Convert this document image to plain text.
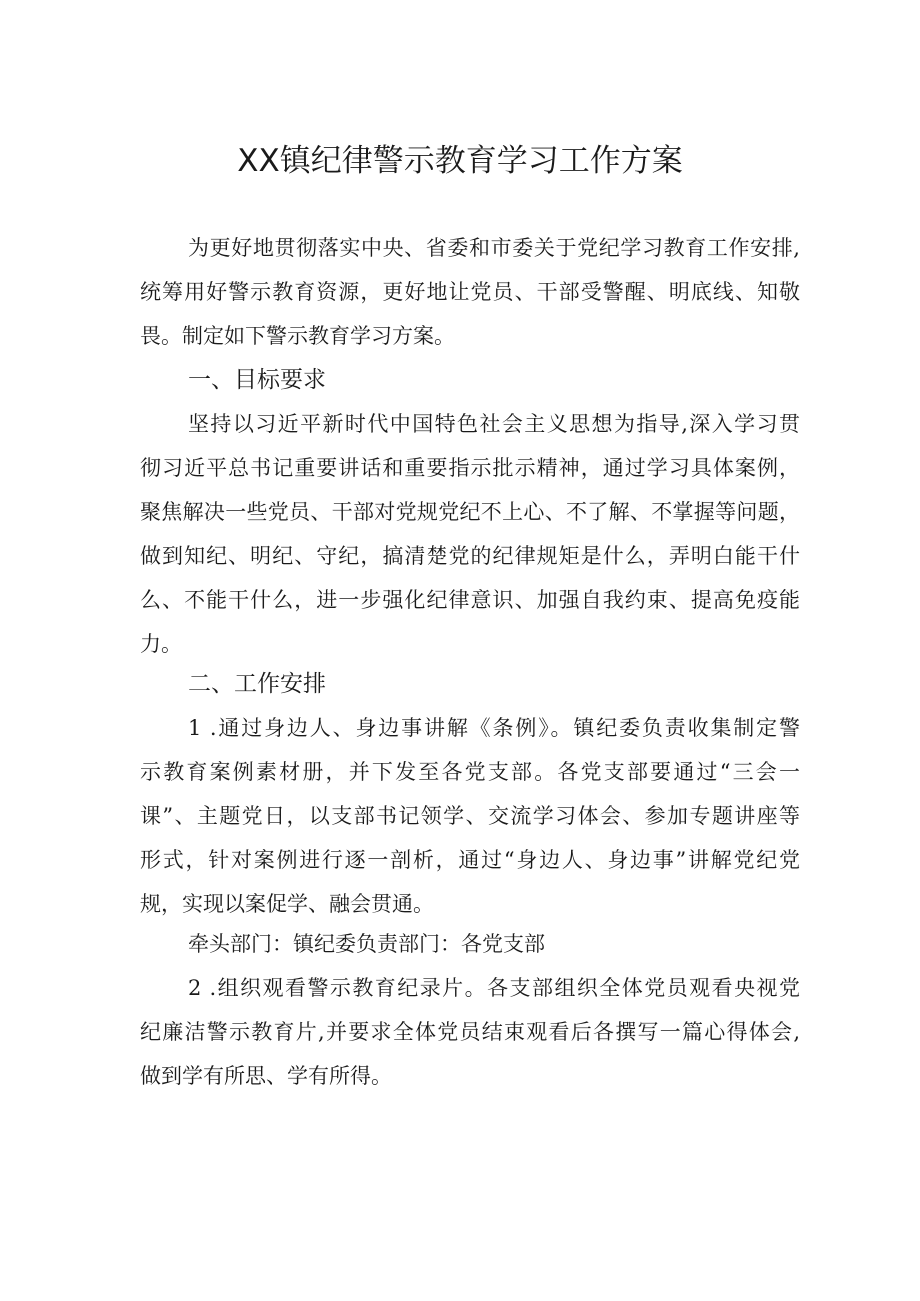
XX镇纪律警示教育学习工作方案
为更好地贯彻落实中央、省委和市委关于党纪学习教育工作安排,
统筹用好警示教育资源，更好地让党员、干部受警醒、明底线、知敬
畏。制定如下警示教育学习方案。
一、目标要求
坚持以习近平新时代中国特色社会主义思想为指导,深入学习贯
彻习近平总书记重要讲话和重要指示批示精神，通过学习具体案例，
聚焦解决一些党员、干部对党规党纪不上心、不了解、不掌握等问题，
做到知纪、明纪、守纪，搞清楚党的纪律规矩是什么，弄明白能干什
么、不能干什么，进一步强化纪律意识、加强自我约束、提高免疫能
力。
二、工作安排
1 .通过身边人、身边事讲解《条例》。镇纪委负责收集制定警
示教育案例素材册，并下发至各党支部。各党支部要通过“三会一
课”、主题党日，以支部书记领学、交流学习体会、参加专题讲座等
形式，针对案例进行逐一剖析，通过“身边人、身边事”讲解党纪党
规，实现以案促学、融会贯通。
牵头部门：镇纪委负责部门：各党支部
2 .组织观看警示教育纪录片。各支部组织全体党员观看央视党
纪廉洁警示教育片,并要求全体党员结束观看后各撰写一篇心得体会,
做到学有所思、学有所得。
